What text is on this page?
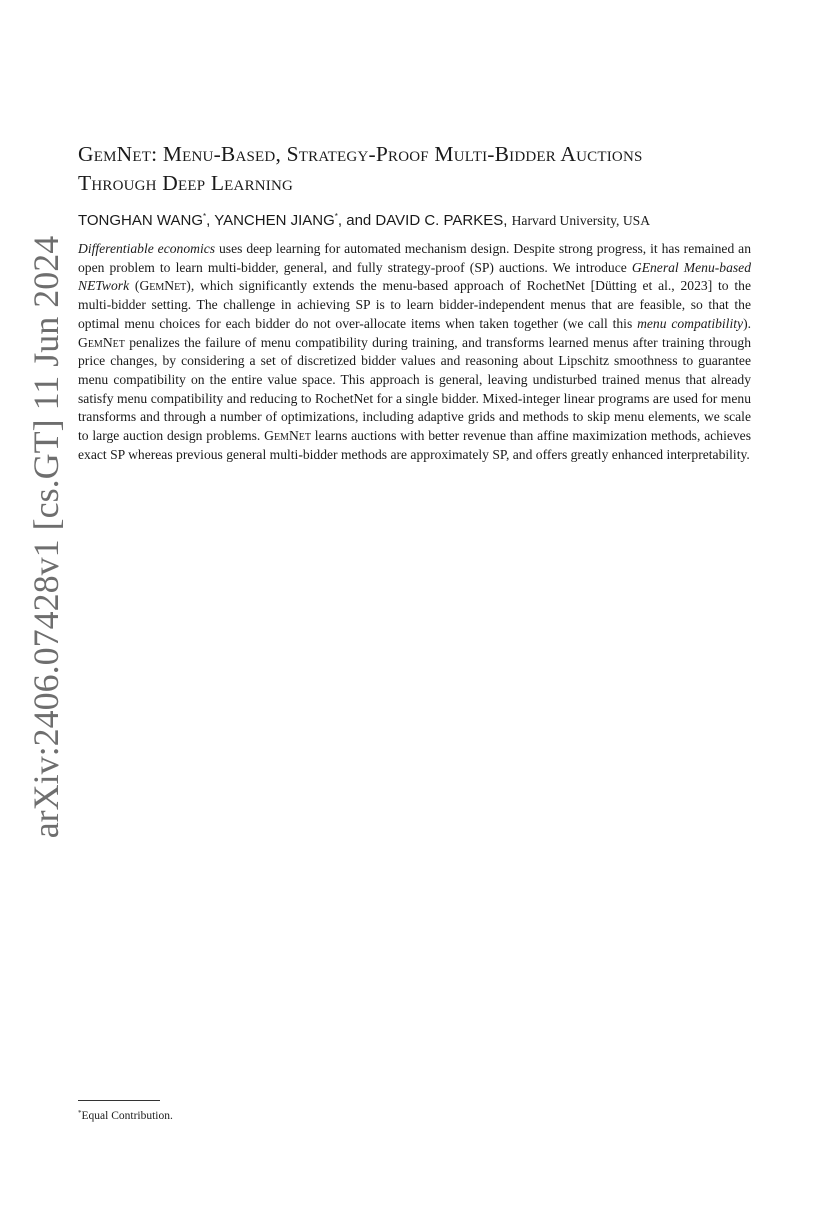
arXiv:2406.07428v1 [cs.GT] 11 Jun 2024
GemNet: Menu-Based, Strategy-Proof Multi-Bidder Auctions
Through Deep Learning
TONGHAN WANG*, YANCHEN JIANG*, and DAVID C. PARKES, Harvard University, USA

Differentiable economics uses deep learning for automated mechanism design. Despite strong progress, it has remained an open problem to learn multi-bidder, general, and fully strategy-proof (SP) auctions. We introduce GEneral Menu-based NETwork (GemNet), which significantly extends the menu-based approach of RochetNet [Dütting et al., 2023] to the multi-bidder setting. The challenge in achieving SP is to learn bidder-independent menus that are feasible, so that the optimal menu choices for each bidder do not over-allocate items when taken together (we call this menu compatibility). GemNet penalizes the failure of menu compatibility during training, and transforms learned menus after training through price changes, by considering a set of discretized bidder values and reasoning about Lipschitz smoothness to guarantee menu compatibility on the entire value space. This approach is general, leaving undisturbed trained menus that already satisfy menu compatibility and reducing to RochetNet for a single bidder. Mixed-integer linear programs are used for menu transforms and through a number of optimizations, including adaptive grids and methods to skip menu elements, we scale to large auction design problems. GemNet learns auctions with better revenue than affine maximization methods, achieves exact SP whereas previous general multi-bidder methods are approximately SP, and offers greatly enhanced interpretability.

*Equal Contribution.
